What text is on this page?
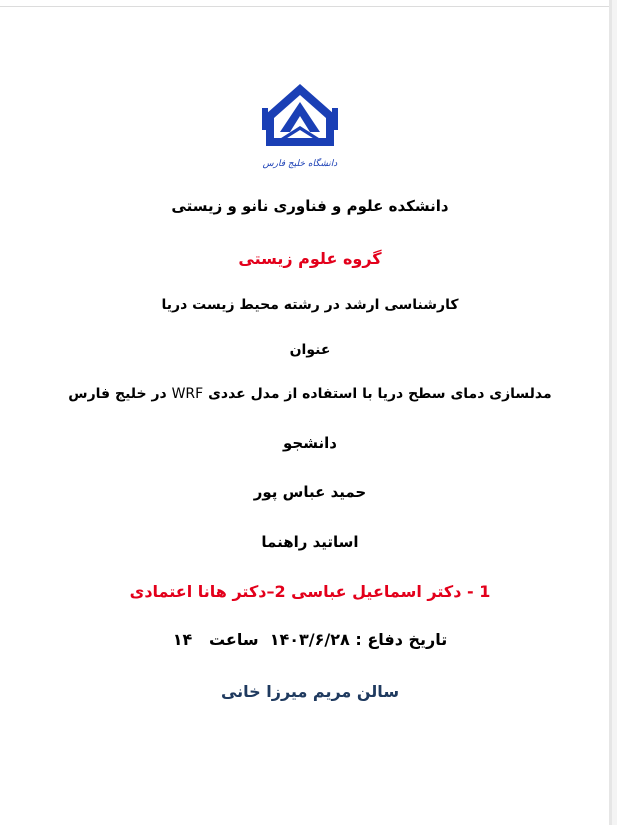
دانشگاه خلیج فارس
دانشکده علوم و فناوری نانو و زیستی
گروه علوم زیستی
کارشناسی ارشد در رشته محیط زیست دریا
عنوان
مدلسازی دمای سطح دریا با استفاده از مدل عددی WRF در خلیج فارس
دانشجو
حمید عباس پور
اساتید راهنما
1 - دکتر اسماعیل عباسی 2–دکتر هانا اعتمادی
تاریخ دفاع : ۱۴۰۳/۶/۲۸  ساعت   ۱۴
سالن مریم میرزا خانی
